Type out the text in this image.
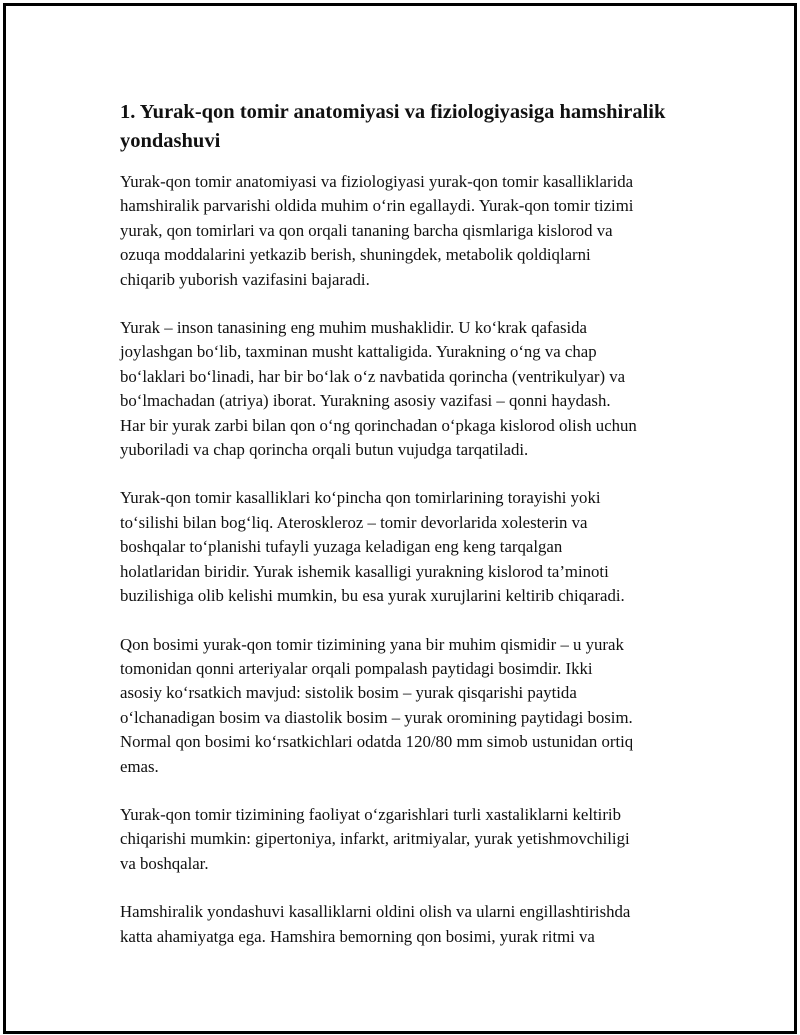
1. Yurak-qon tomir anatomiyasi va fiziologiyasiga hamshiralik
yondashuvi

Yurak-qon tomir anatomiyasi va fiziologiyasi yurak-qon tomir kasalliklarida
hamshiralik parvarishi oldida muhim o‘rin egallaydi. Yurak-qon tomir tizimi
yurak, qon tomirlari va qon orqali tananing barcha qismlariga kislorod va
ozuqa moddalarini yetkazib berish, shuningdek, metabolik qoldiqlarni
chiqarib yuborish vazifasini bajaradi.

Yurak – inson tanasining eng muhim mushaklidir. U ko‘krak qafasida
joylashgan bo‘lib, taxminan musht kattaligida. Yurakning o‘ng va chap
bo‘laklari bo‘linadi, har bir bo‘lak o‘z navbatida qorincha (ventrikulyar) va
bo‘lmachadan (atriya) iborat. Yurakning asosiy vazifasi – qonni haydash.
Har bir yurak zarbi bilan qon o‘ng qorinchadan o‘pkaga kislorod olish uchun
yuboriladi va chap qorincha orqali butun vujudga tarqatiladi.

Yurak-qon tomir kasalliklari ko‘pincha qon tomirlarining torayishi yoki
to‘silishi bilan bog‘liq. Ateroskleroz – tomir devorlarida xolesterin va
boshqalar to‘planishi tufayli yuzaga keladigan eng keng tarqalgan
holatlaridan biridir. Yurak ishemik kasalligi yurakning kislorod ta’minoti
buzilishiga olib kelishi mumkin, bu esa yurak xurujlarini keltirib chiqaradi.

Qon bosimi yurak-qon tomir tizimining yana bir muhim qismidir – u yurak
tomonidan qonni arteriyalar orqali pompalash paytidagi bosimdir. Ikki
asosiy ko‘rsatkich mavjud: sistolik bosim – yurak qisqarishi paytida
o‘lchanadigan bosim va diastolik bosim – yurak oromining paytidagi bosim.
Normal qon bosimi ko‘rsatkichlari odatda 120/80 mm simob ustunidan ortiq
emas.

Yurak-qon tomir tizimining faoliyat o‘zgarishlari turli xastaliklarni keltirib
chiqarishi mumkin: gipertoniya, infarkt, aritmiyalar, yurak yetishmovchiligi
va boshqalar.

Hamshiralik yondashuvi kasalliklarni oldini olish va ularni engillashtirishda
katta ahamiyatga ega. Hamshira bemorning qon bosimi, yurak ritmi va
